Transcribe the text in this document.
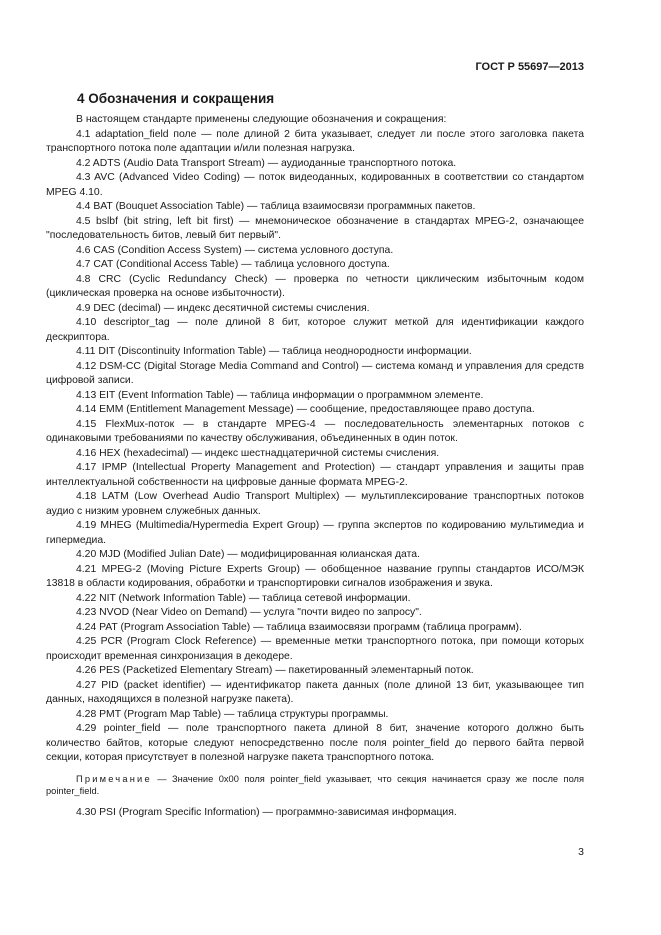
ГОСТ Р 55697—2013
4 Обозначения и сокращения

В настоящем стандарте применены следующие обозначения и сокращения:

4.1 adaptation_field поле — поле длиной 2 бита указывает, следует ли после этого заголовка пакета транспортного потока поле адаптации и/или полезная нагрузка.

4.2 ADTS (Audio Data Transport Stream) — аудиоданные транспортного потока.

4.3 AVC (Advanced Video Coding) — поток видеоданных, кодированных в соответствии со стандартом MPEG 4.10.

4.4 BAT (Bouquet Association Table) — таблица взаимосвязи программных пакетов.

4.5 bslbf (bit string, left bit first) — мнемоническое обозначение в стандартах MPEG-2, означающее "последовательность битов, левый бит первый".

4.6 CAS (Condition Access System) — система условного доступа.

4.7 CAT (Conditional Access Table) — таблица условного доступа.

4.8 CRC (Cyclic Redundancy Check) — проверка по четности циклическим избыточным кодом (циклическая проверка на основе избыточности).

4.9 DEC (decimal) — индекс десятичной системы счисления.

4.10 descriptor_tag — поле длиной 8 бит, которое служит меткой для идентификации каждого дескриптора.

4.11 DIT (Discontinuity Information Table) — таблица неоднородности информации.

4.12 DSM-CC (Digital Storage Media Command and Control) — система команд и управления для средств цифровой записи.

4.13 EIT (Event Information Table) — таблица информации о программном элементе.

4.14 EMM (Entitlement Management Message) — сообщение, предоставляющее право доступа.

4.15 FlexMux-поток — в стандарте MPEG-4 — последовательность элементарных потоков с одинаковыми требованиями по качеству обслуживания, объединенных в один поток.

4.16 HEX (hexadecimal) — индекс шестнадцатеричной системы счисления.

4.17 IPMP (Intellectual Property Management and Protection) — стандарт управления и защиты прав интеллектуальной собственности на цифровые данные формата MPEG-2.

4.18 LATM (Low Overhead Audio Transport Multiplex) — мультиплексирование транспортных потоков аудио с низким уровнем служебных данных.

4.19 MHEG (Multimedia/Hypermedia Expert Group) — группа экспертов по кодированию мультимедиа и гипермедиа.

4.20 MJD (Modified Julian Date) — модифицированная юлианская дата.

4.21 MPEG-2 (Moving Picture Experts Group) — обобщенное название группы стандартов ИСО/МЭК 13818 в области кодирования, обработки и транспортировки сигналов изображения и звука.

4.22 NIT (Network Information Table) — таблица сетевой информации.

4.23 NVOD (Near Video on Demand) — услуга "почти видео по запросу".

4.24 PAT (Program Association Table) — таблица взаимосвязи программ (таблица программ).

4.25 PCR (Program Clock Reference) — временные метки транспортного потока, при помощи которых происходит временная синхронизация в декодере.

4.26 PES (Packetized Elementary Stream) — пакетированный элементарный поток.

4.27 PID (packet identifier) — идентификатор пакета данных (поле длиной 13 бит, указывающее тип данных, находящихся в полезной нагрузке пакета).

4.28 PMT (Program Map Table) — таблица структуры программы.

4.29 pointer_field — поле транспортного пакета длиной 8 бит, значение которого должно быть количество байтов, которые следуют непосредственно после поля pointer_field до первого байта первой секции, которая присутствует в полезной нагрузке пакета транспортного потока.

Примечание — Значение 0x00 поля pointer_field указывает, что секция начинается сразу же после поля pointer_field.

4.30 PSI (Program Specific Information) — программно-зависимая информация.

3
